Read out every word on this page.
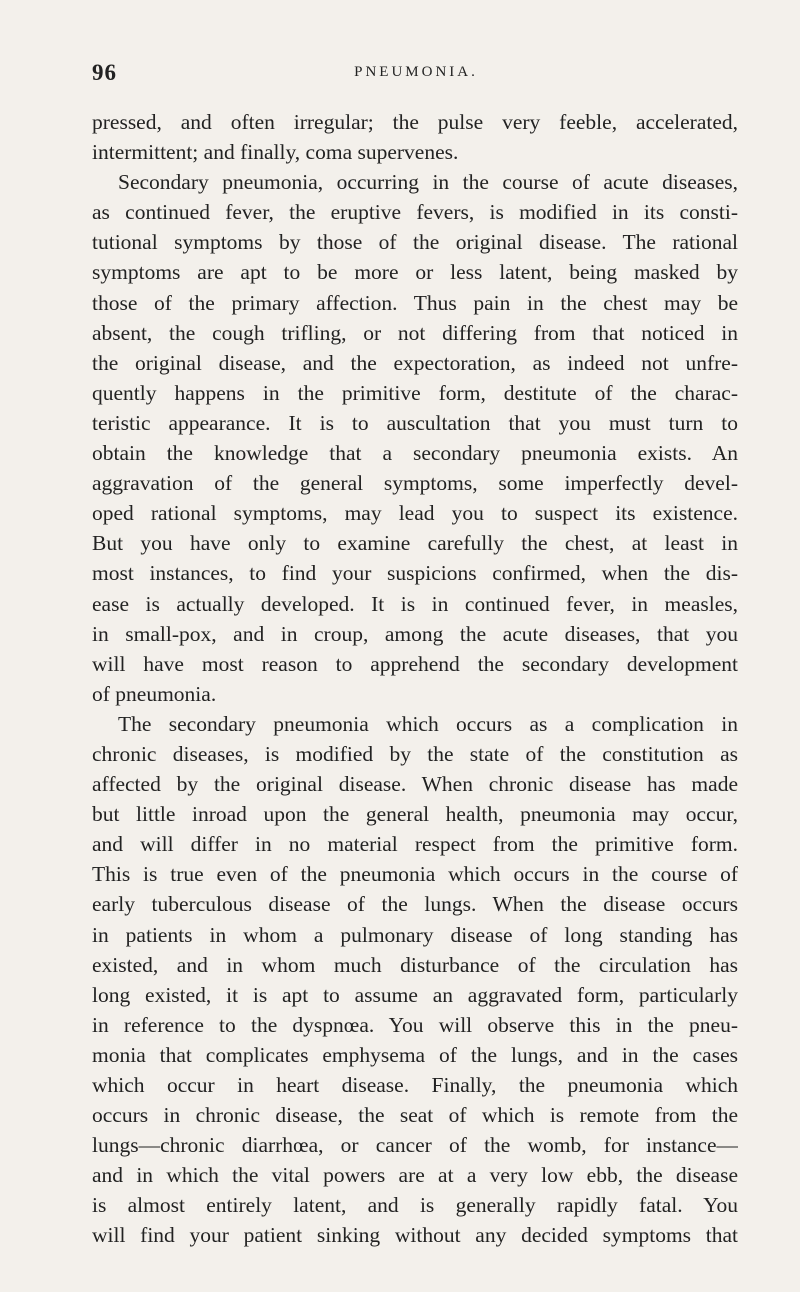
96	PNEUMONIA.
pressed, and often irregular; the pulse very feeble, accelerated,
intermittent; and finally, coma supervenes.
Secondary pneumonia, occurring in the course of acute diseases,
as continued fever, the eruptive fevers, is modified in its consti-
tutional symptoms by those of the original disease. The rational
symptoms are apt to be more or less latent, being masked by
those of the primary affection. Thus pain in the chest may be
absent, the cough trifling, or not differing from that noticed in
the original disease, and the expectoration, as indeed not unfre-
quently happens in the primitive form, destitute of the charac-
teristic appearance. It is to auscultation that you must turn to
obtain the knowledge that a secondary pneumonia exists. An
aggravation of the general symptoms, some imperfectly devel-
oped rational symptoms, may lead you to suspect its existence.
But you have only to examine carefully the chest, at least in
most instances, to find your suspicions confirmed, when the dis-
ease is actually developed. It is in continued fever, in measles,
in small-pox, and in croup, among the acute diseases, that you
will have most reason to apprehend the secondary development
of pneumonia.
The secondary pneumonia which occurs as a complication in
chronic diseases, is modified by the state of the constitution as
affected by the original disease. When chronic disease has made
but little inroad upon the general health, pneumonia may occur,
and will differ in no material respect from the primitive form.
This is true even of the pneumonia which occurs in the course of
early tuberculous disease of the lungs. When the disease occurs
in patients in whom a pulmonary disease of long standing has
existed, and in whom much disturbance of the circulation has
long existed, it is apt to assume an aggravated form, particularly
in reference to the dyspnœa. You will observe this in the pneu-
monia that complicates emphysema of the lungs, and in the cases
which occur in heart disease. Finally, the pneumonia which
occurs in chronic disease, the seat of which is remote from the
lungs—chronic diarrhœa, or cancer of the womb, for instance—
and in which the vital powers are at a very low ebb, the disease
is almost entirely latent, and is generally rapidly fatal. You
will find your patient sinking without any decided symptoms that
